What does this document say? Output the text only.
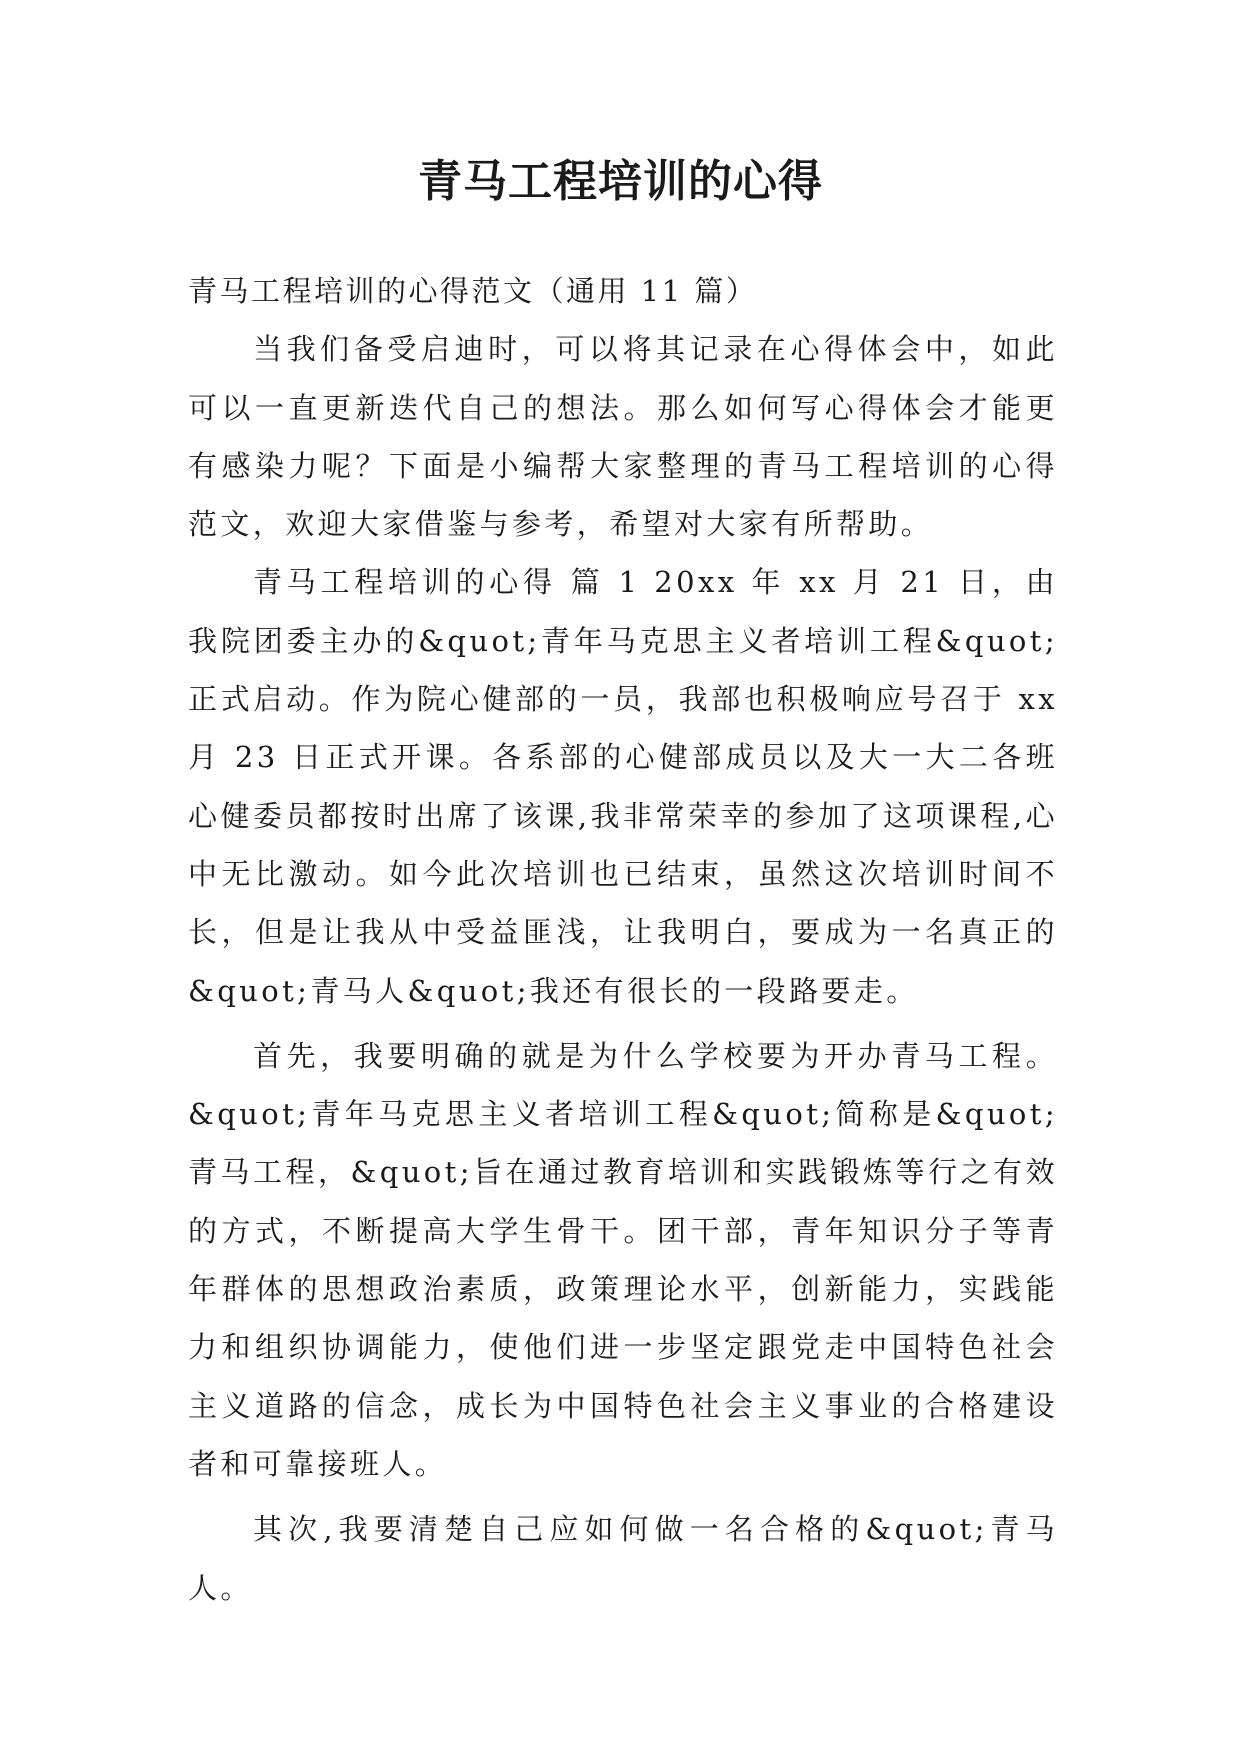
青马工程培训的心得

青马工程培训的心得范文（通用 11 篇）

当我们备受启迪时，可以将其记录在心得体会中，如此可以一直更新迭代自己的想法。那么如何写心得体会才能更有感染力呢？下面是小编帮大家整理的青马工程培训的心得范文，欢迎大家借鉴与参考，希望对大家有所帮助。

青马工程培训的心得 篇 1 20xx 年 xx 月 21 日，由我院团委主办的&quot;青年马克思主义者培训工程&quot;正式启动。作为院心健部的一员，我部也积极响应号召于 xx 月 23 日正式开课。各系部的心健部成员以及大一大二各班心健委员都按时出席了该课,我非常荣幸的参加了这项课程,心中无比激动。如今此次培训也已结束，虽然这次培训时间不长，但是让我从中受益匪浅，让我明白，要成为一名真正的&quot;青马人&quot;我还有很长的一段路要走。

首先，我要明确的就是为什么学校要为开办青马工程。&quot;青年马克思主义者培训工程&quot;简称是&quot;青马工程，&quot;旨在通过教育培训和实践锻炼等行之有效的方式，不断提高大学生骨干。团干部，青年知识分子等青年群体的思想政治素质，政策理论水平，创新能力，实践能力和组织协调能力，使他们进一步坚定跟党走中国特色社会主义道路的信念，成长为中国特色社会主义事业的合格建设者和可靠接班人。

其次,我要清楚自己应如何做一名合格的&quot;青马人。
